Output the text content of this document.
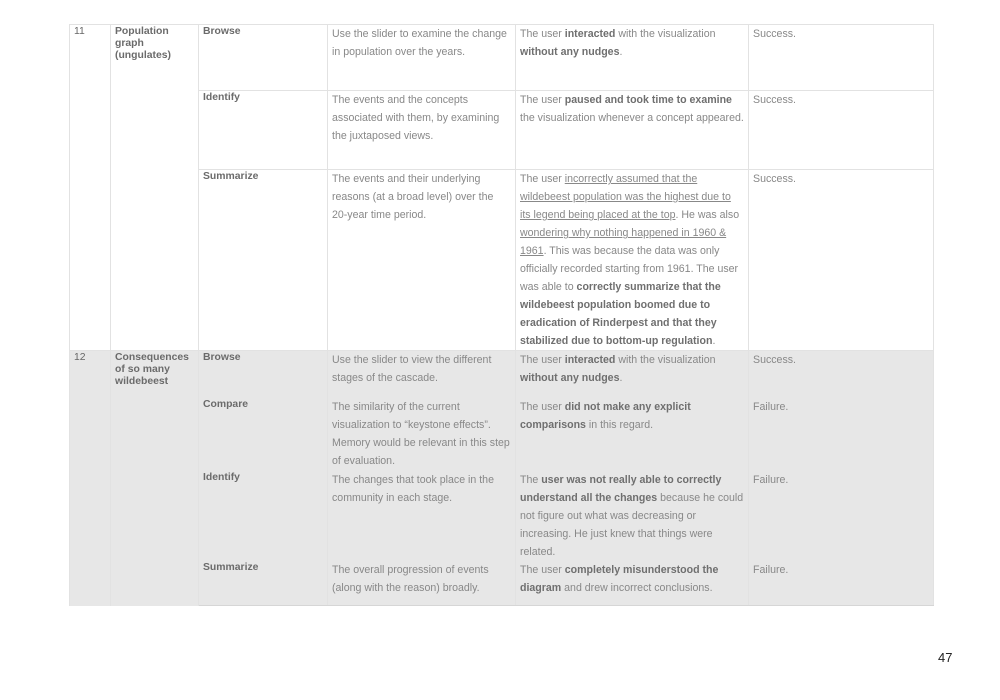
11	Population graph (ungulates)	Browse	Use the slider to examine the change in population over the years.	The user interacted with the visualization without any nudges.	Success.
		Identify	The events and the concepts associated with them, by examining the juxtaposed views.	The user paused and took time to examine the visualization whenever a concept appeared.	Success.
		Summarize	The events and their underlying reasons (at a broad level) over the 20-year time period.	The user incorrectly assumed that the wildebeest population was the highest due to its legend being placed at the top. He was also wondering why nothing happened in 1960 & 1961. This was because the data was only officially recorded starting from 1961. The user was able to correctly summarize that the wildebeest population boomed due to eradication of Rinderpest and that they stabilized due to bottom-up regulation.	Success.
12	Consequences of so many wildebeest	Browse	Use the slider to view the different stages of the cascade.	The user interacted with the visualization without any nudges.	Success.
		Compare	The similarity of the current visualization to “keystone effects”. Memory would be relevant in this step of evaluation.	The user did not make any explicit comparisons in this regard.	Failure.
		Identify	The changes that took place in the community in each stage.	The user was not really able to correctly understand all the changes because he could not figure out what was decreasing or increasing. He just knew that things were related.	Failure.
		Summarize	The overall progression of events (along with the reason) broadly.	The user completely misunderstood the diagram and drew incorrect conclusions.	Failure.
47
